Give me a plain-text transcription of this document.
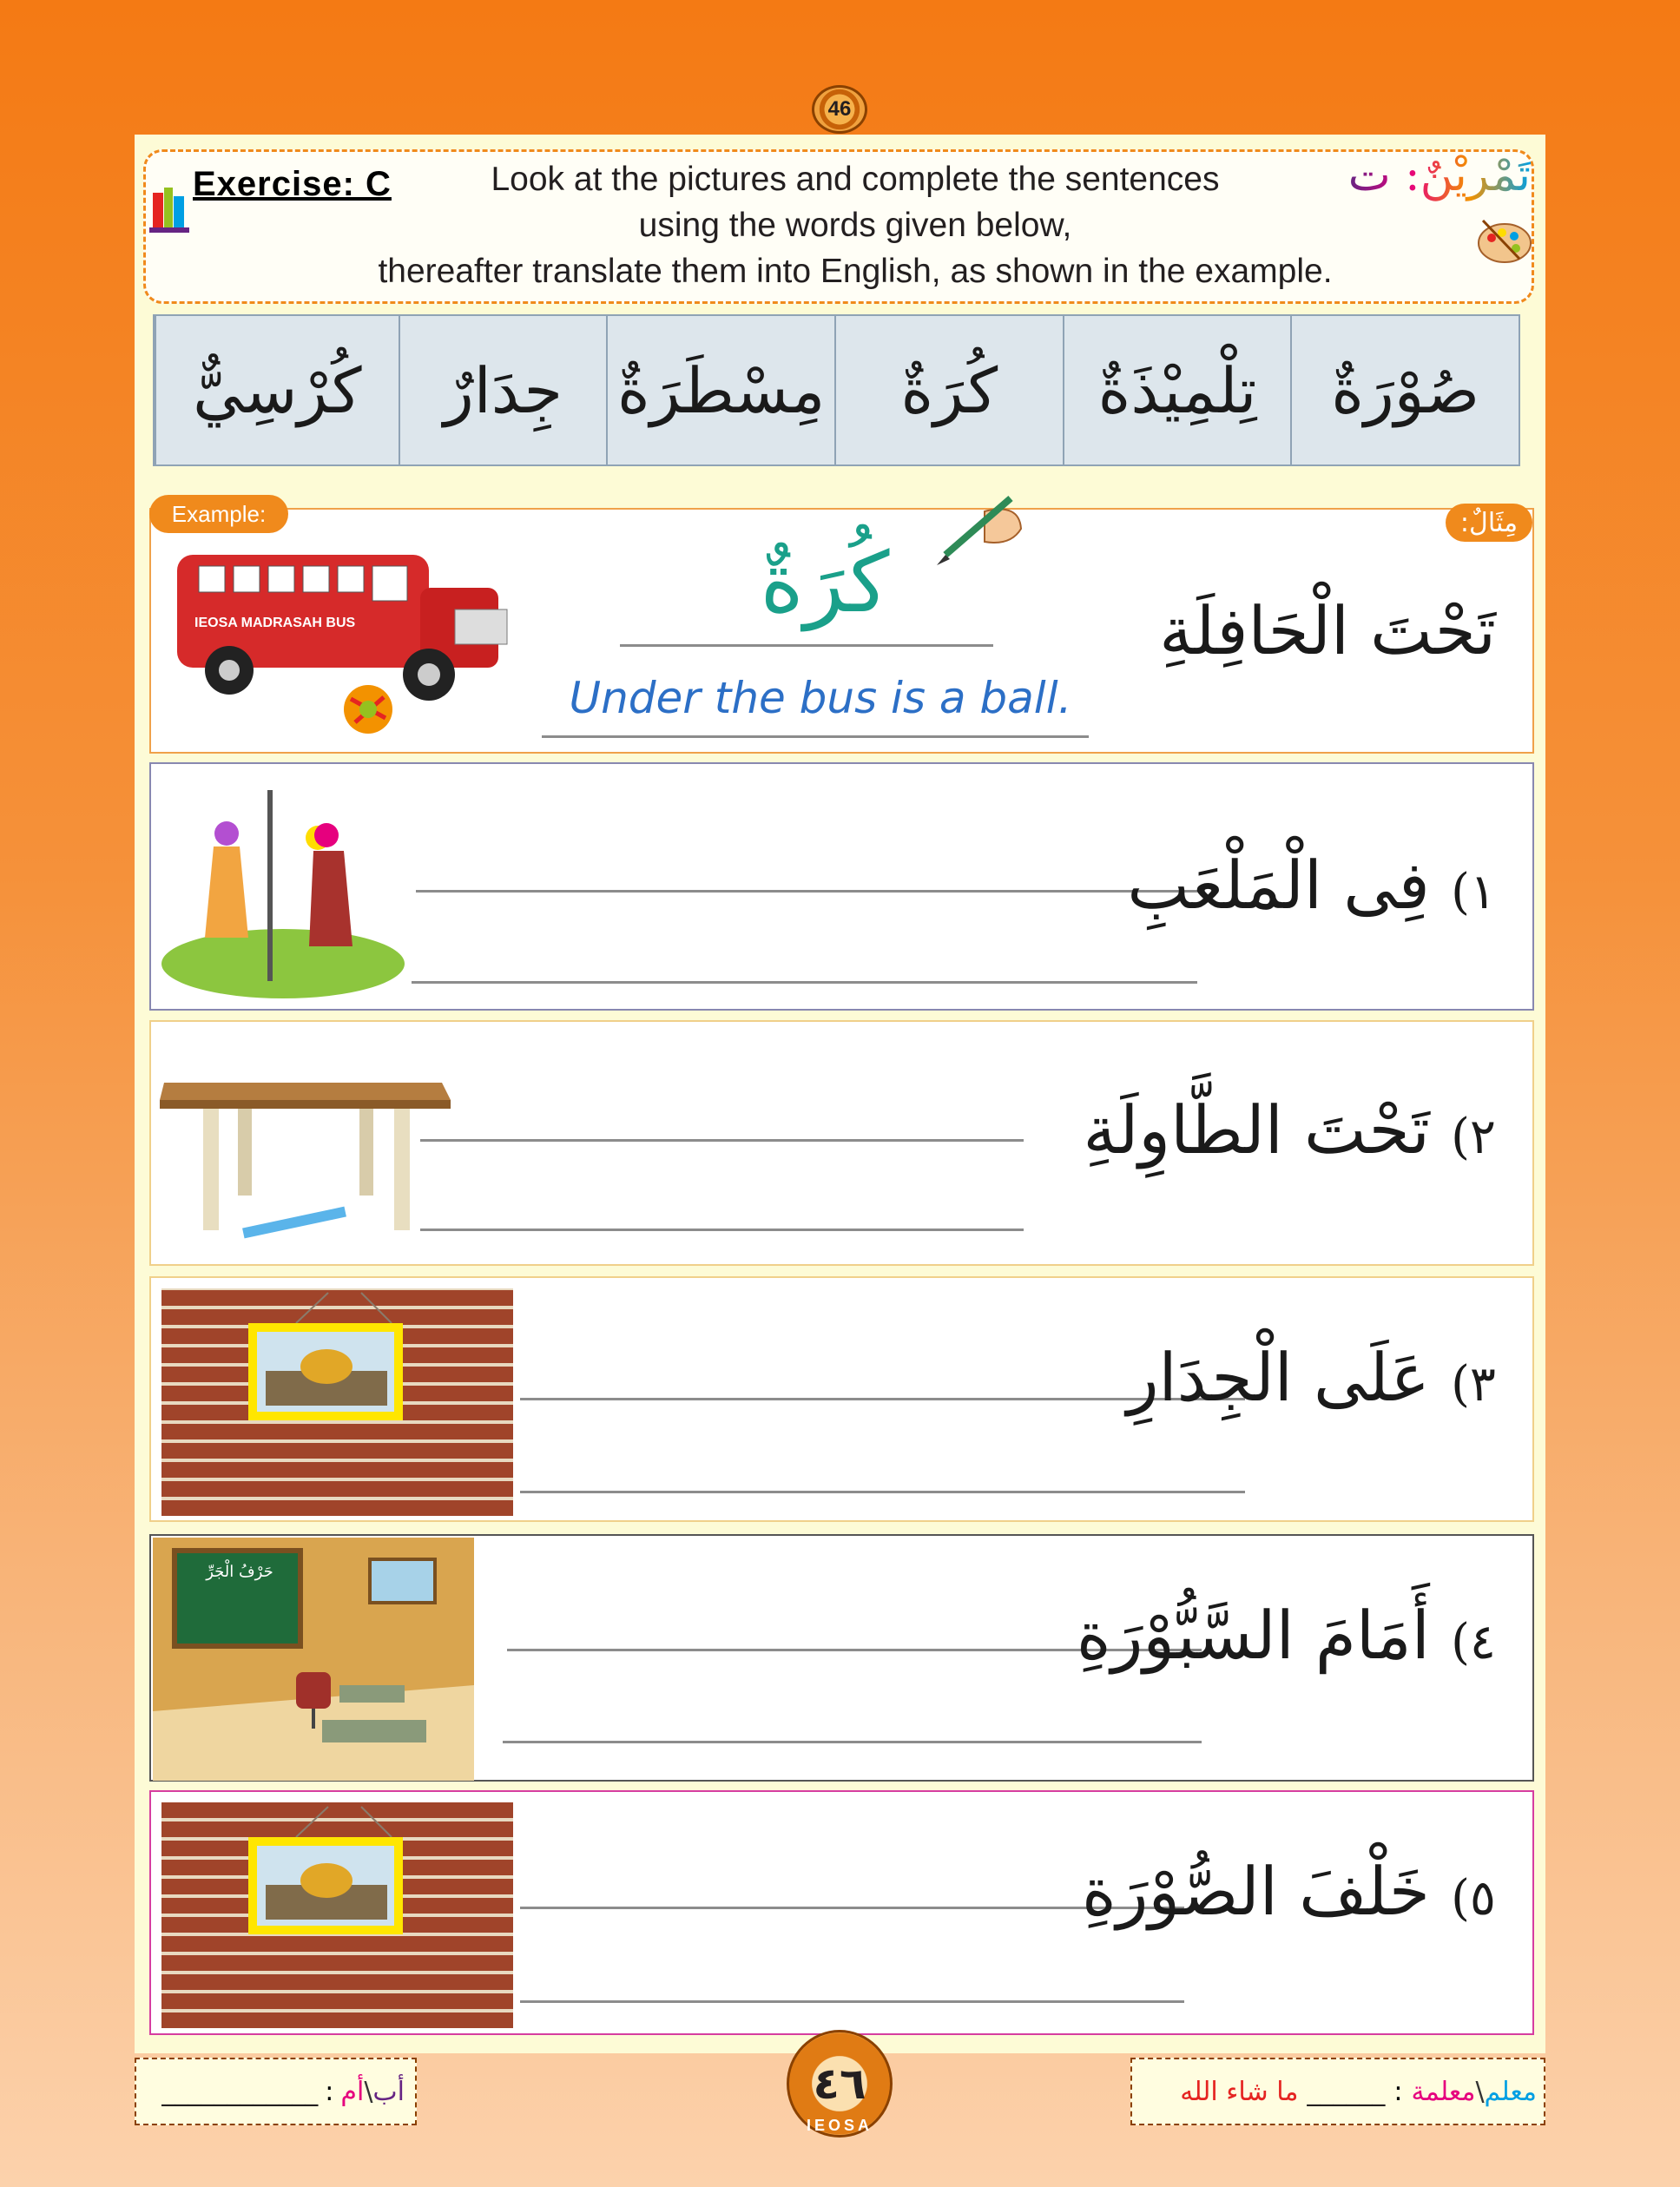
46
Exercise: C	Look at the pictures and complete the sentences
using the words given below,
thereafter translate them into English, as shown in the example.
تَمْرِيْنٌ: ت
صُوْرَةٌ
تِلْمِيْذَةٌ
كُرَةٌ
مِسْطَرَةٌ
جِدَارٌ
كُرْسِيٌّ
IEOSA MADRASAH BUS	تَحْتَ الْحَافِلَةِ
Example:	مِثَالٌ:
كُرَةٌ
Under the bus is a ball.
١) فِى الْمَلْعَبِ
٢) تَحْتَ الطَّاوِلَةِ
٣) عَلَى الْجِدَارِ
حَرْفُ الْجَرِّ
٤) أَمَامَ السَّبُّوْرَةِ
٥) خَلْفَ الصُّوْرَةِ
أب
\
أم
:
____________	معلم
\
معلمة
:
______
ما شاء الله
٤٦
IEOSA
